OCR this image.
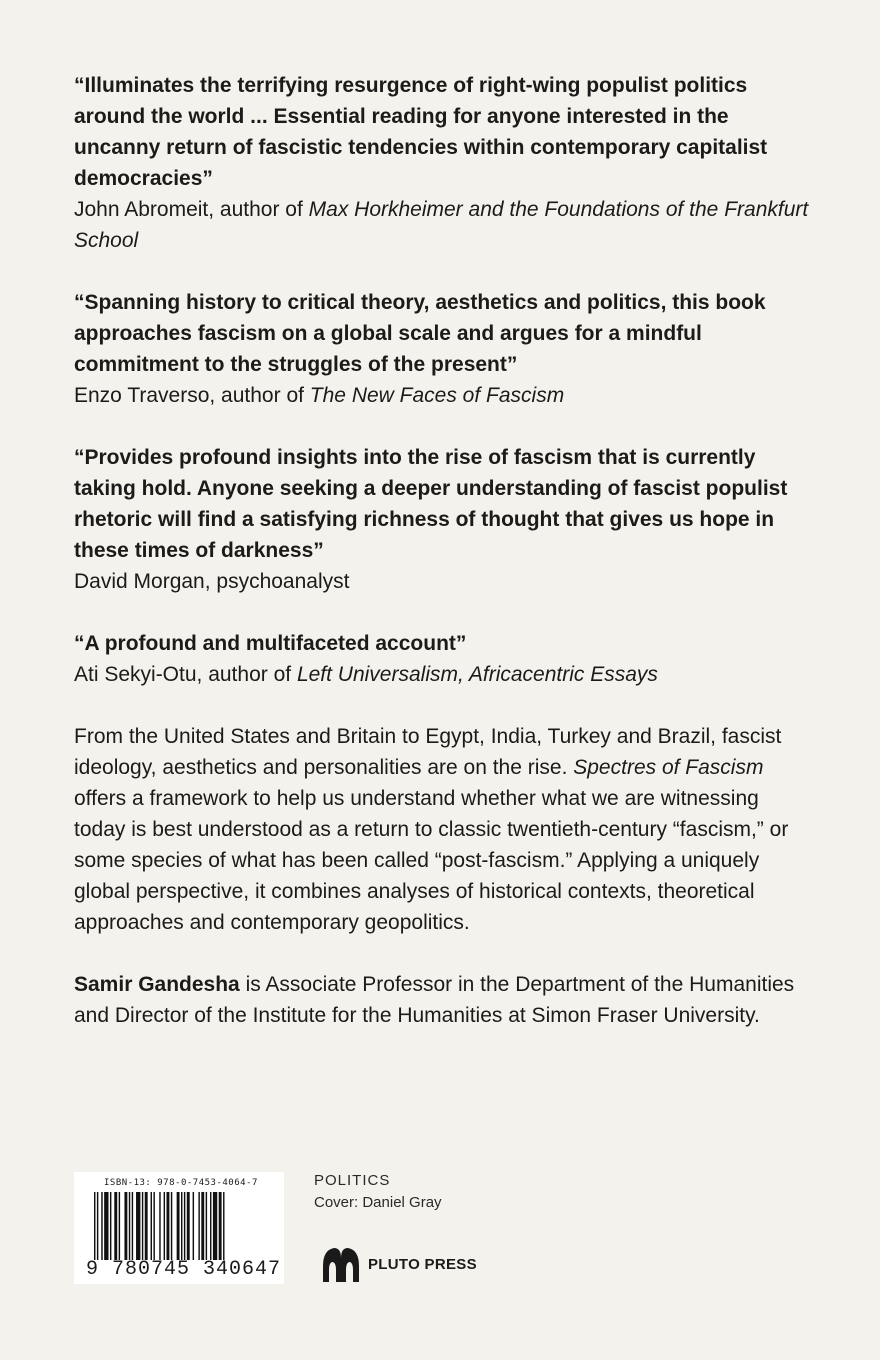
“Illuminates the terrifying resurgence of right-wing populist politics around the world ... Essential reading for anyone interested in the uncanny return of fascistic tendencies within contemporary capitalist democracies”

John Abromeit, author of Max Horkheimer and the Foundations of the Frankfurt School

“Spanning history to critical theory, aesthetics and politics, this book approaches fascism on a global scale and argues for a mindful commitment to the struggles of the present”

Enzo Traverso, author of The New Faces of Fascism

“Provides profound insights into the rise of fascism that is currently taking hold. Anyone seeking a deeper understanding of fascist populist rhetoric will find a satisfying richness of thought that gives us hope in these times of darkness”

David Morgan, psychoanalyst

“A profound and multifaceted account”

Ati Sekyi-Otu, author of Left Universalism, Africacentric Essays

From the United States and Britain to Egypt, India, Turkey and Brazil, fascist ideology, aesthetics and personalities are on the rise. Spectres of Fascism offers a framework to help us understand whether what we are witnessing today is best understood as a return to classic twentieth-century “fascism,” or some species of what has been called “post-fascism.” Applying a uniquely global perspective, it combines analyses of historical contexts, theoretical approaches and contemporary geopolitics.

Samir Gandesha is Associate Professor in the Department of the Humanities and Director of the Institute for the Humanities at Simon Fraser University.

ISBN-13: 978-0-7453-4064-7
9 780745 340647
POLITICS
Cover: Daniel Gray
PLUTO PRESS
